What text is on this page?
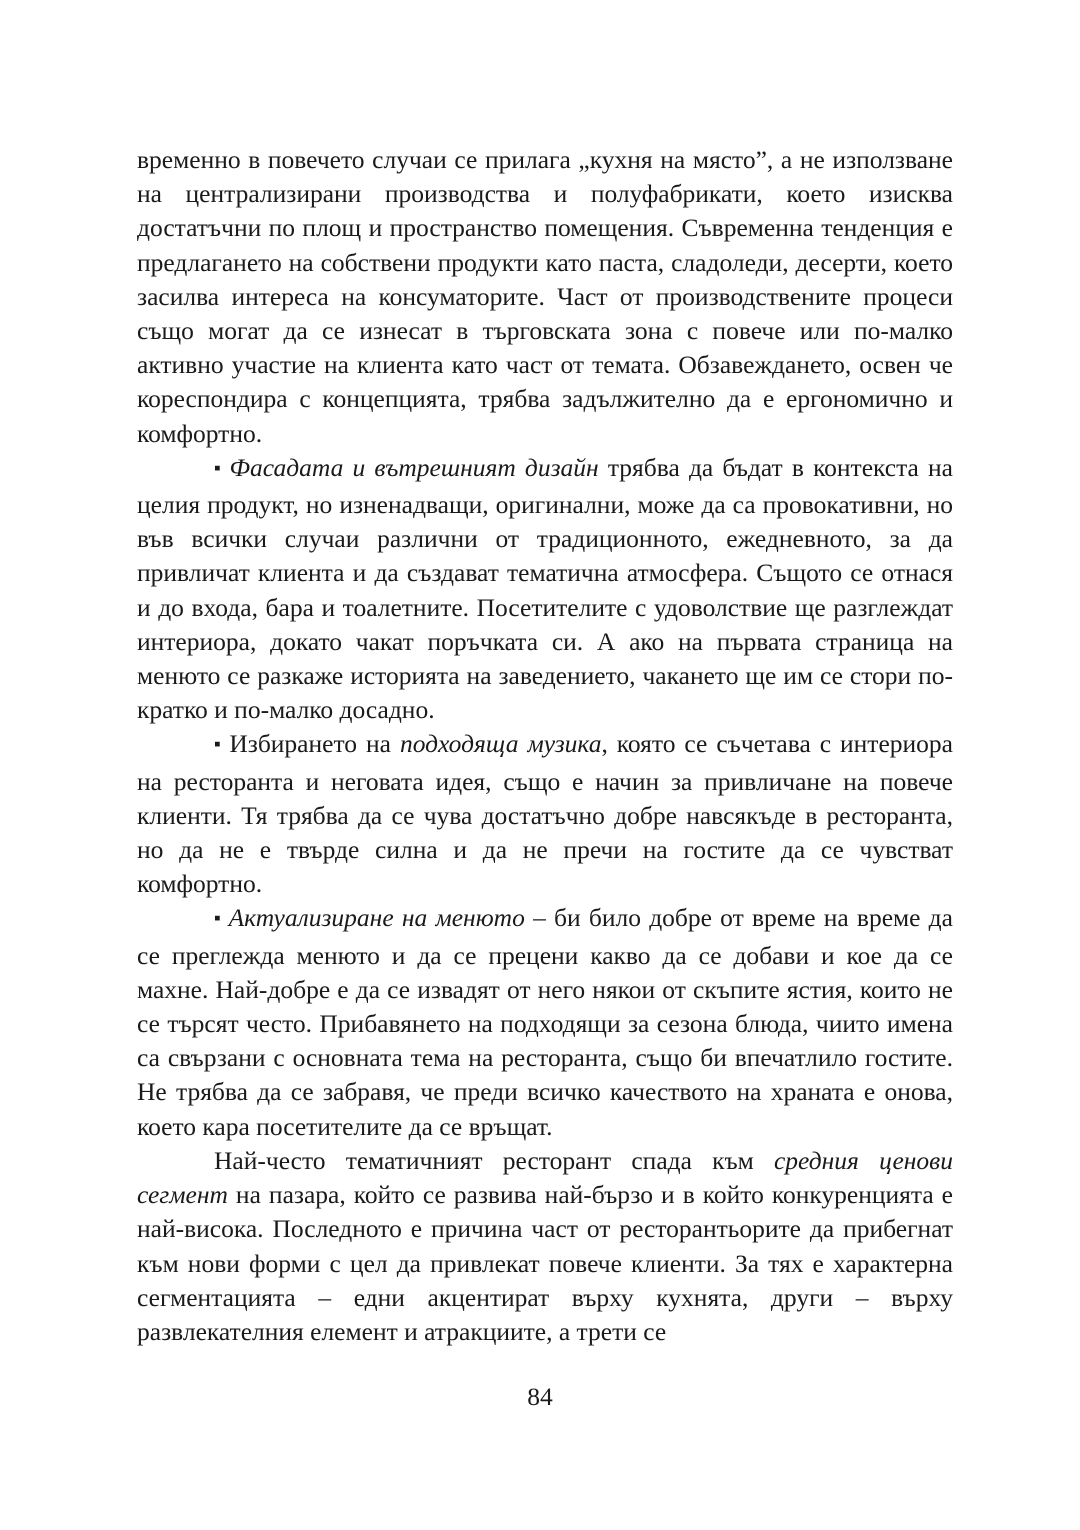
временно в повечето случаи се прилага „кухня на място”, а не използване на централизирани производства и полуфабрикати, което изисква достатъчни по площ и пространство помещения. Съвременна тенденция е предлагането на собствени продукти като паста, сладоледи, десерти, което засилва интереса на консуматорите. Част от производствените процеси също могат да се изнесат в търговската зона с повече или по-малко активно участие на клиента като част от темата. Обзавеждането, освен че кореспондира с концепцията, трябва задължително да е ергономично и комфортно.

▪ Фасадата и вътрешният дизайн трябва да бъдат в контекста на целия продукт, но изненадващи, оригинални, може да са провокативни, но във всички случаи различни от традиционното, ежедневното, за да привличат клиента и да създават тематична атмосфера. Същото се отнася и до входа, бара и тоалетните. Посетителите с удоволствие ще разглеждат интериора, докато чакат поръчката си. А ако на първата страница на менюто се разкаже историята на заведението, чакането ще им се стори по-кратко и по-малко досадно.

▪ Избирането на подходяща музика, която се съчетава с интериора на ресторанта и неговата идея, също е начин за привличане на повече клиенти. Тя трябва да се чува достатъчно добре навсякъде в ресторанта, но да не е твърде силна и да не пречи на гостите да се чувстват комфортно.

▪ Актуализиране на менюто – би било добре от време на време да се преглежда менюто и да се прецени какво да се добави и кое да се махне. Най-добре е да се извадят от него някои от скъпите ястия, които не се търсят често. Прибавянето на подходящи за сезона блюда, чиито имена са свързани с основната тема на ресторанта, също би впечатлило гостите. Не трябва да се забравя, че преди всичко качеството на храната е онова, което кара посетителите да се връщат.

Най-често тематичният ресторант спада към средния ценови сегмент на пазара, който се развива най-бързо и в който конкуренцията е най-висока. Последното е причина част от ресторантьорите да прибегнат към нови форми с цел да привлекат повече клиенти. За тях е характерна сегментацията – едни акцентират върху кухнята, други – върху развлекателния елемент и атракциите, а трети се

84
